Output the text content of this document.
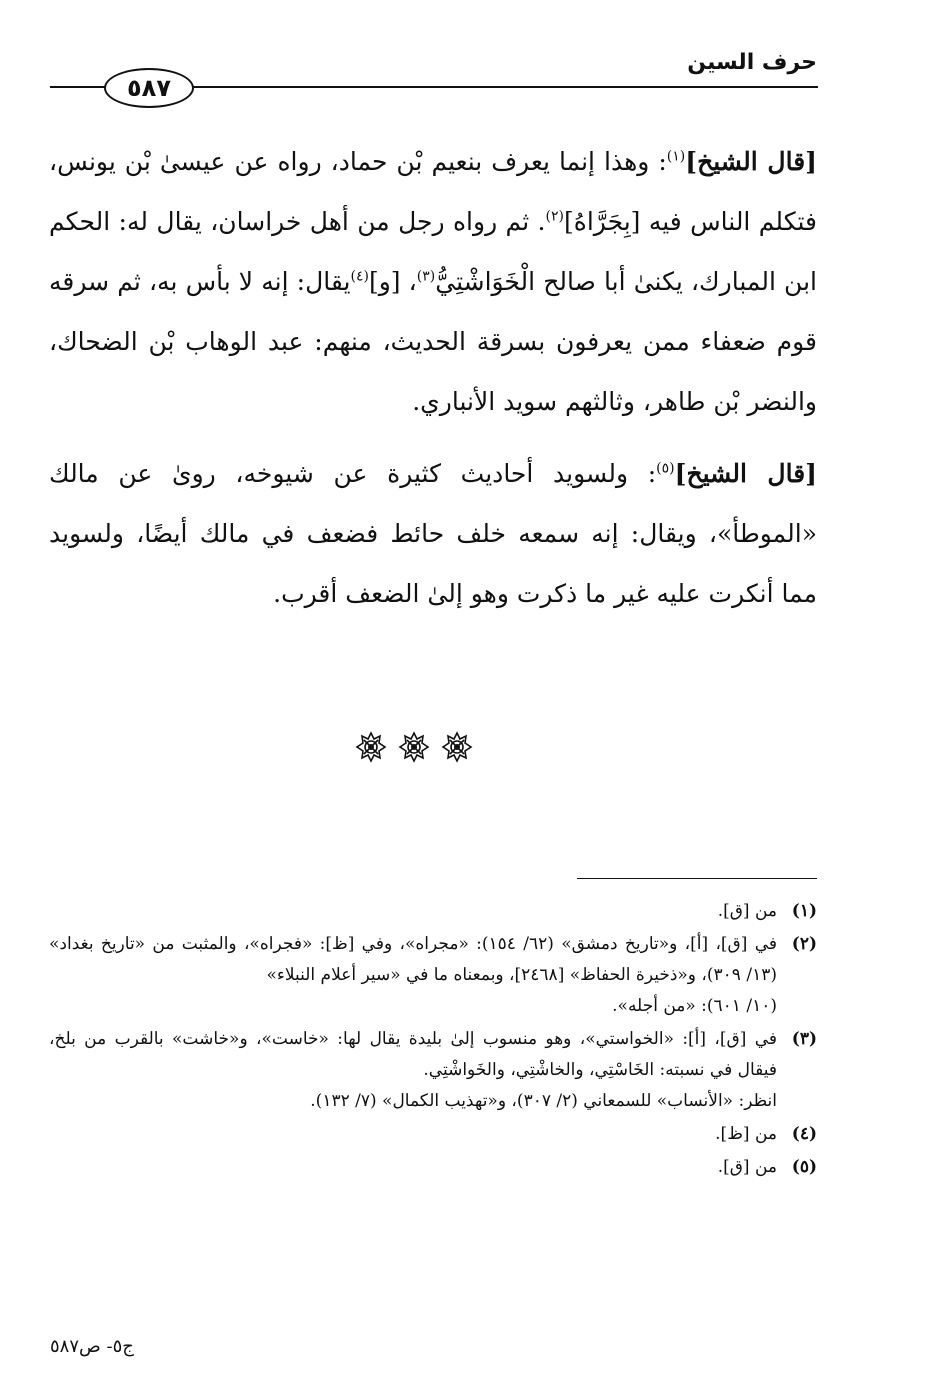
حرف السين
٥٨٧

[قال الشيخ]$^{(١)}$: وهذا إنما يعرف بنعيم بْن حماد، رواه عن عيسىٰ بْن يونس، فتكلم الناس فيه [بِجَرَّاهُ]$^{(٢)}$. ثم رواه رجل من أهل خراسان، يقال له: الحكم ابن المبارك، يكنىٰ أبا صالح الْخَوَاشْتِيُّ$^{(٣)}$، [و]$^{(٤)}$يقال: إنه لا بأس به، ثم سرقه قوم ضعفاء ممن يعرفون بسرقة الحديث، منهم: عبد الوهاب بْن الضحاك، والنضر بْن طاهر، وثالثهم سويد الأنباري.

[قال الشيخ]$^{(٥)}$: ولسويد أحاديث كثيرة عن شيوخه، روىٰ عن مالك «الموطأ»، ويقال: إنه سمعه خلف حائط فضعف في مالك أيضًا، ولسويد مما أنكرت عليه غير ما ذكرت وهو إلىٰ الضعف أقرب.

(١)
من [ق].
(٢)
في [ق]، [أ]، و«تاريخ دمشق» (٦٢/ ١٥٤): «مجراه»، وفي [ظ]: «فجراه»، والمثبت من «تاريخ بغداد» (١٣/ ٣٠٩)، و«ذخيرة الحفاظ» [٢٤٦٨]، وبمعناه ما في «سير أعلام النبلاء»
(١٠/ ٦٠١): «من أجله».
(٣)
في [ق]، [أ]: «الخواستي»، وهو منسوب إلىٰ بليدة يقال لها: «خاست»، و«خاشت» بالقرب من بلخ، فيقال في نسبته: الخَاسْتِي، والخاشْتِي، والخَواشْتِي.
انظر: «الأنساب» للسمعاني (٢/ ٣٠٧)، و«تهذيب الكمال» (٧/ ١٣٢).
(٤)
من [ظ].
(٥)
من [ق].
ج٥- ص٥٨٧
